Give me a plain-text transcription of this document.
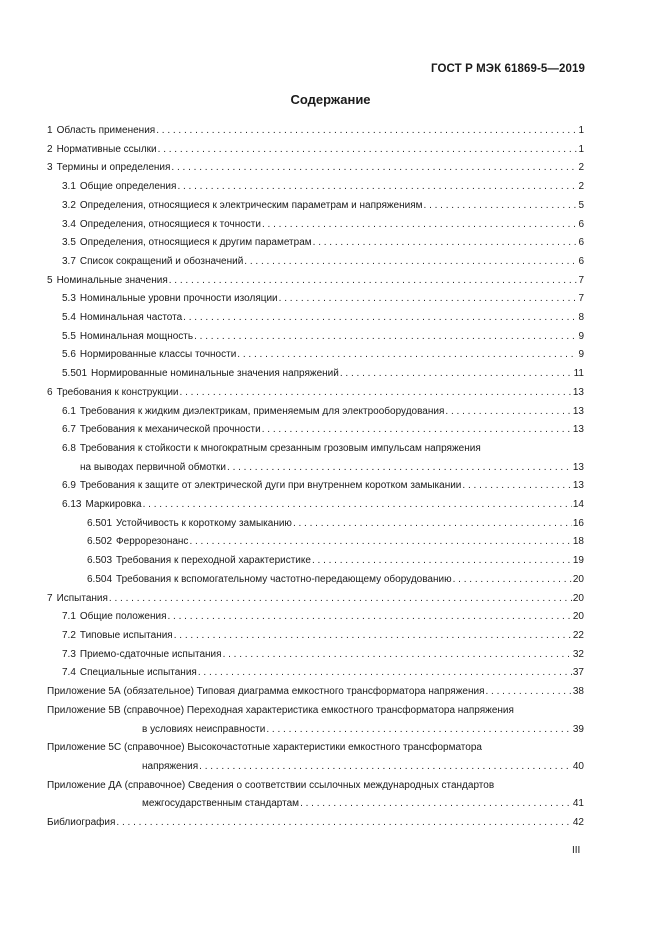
ГОСТ Р МЭК 61869-5—2019
Содержание
1 Область применения . . .	1
2 Нормативные ссылки . . .	1
3 Термины и определения . . .	2
3.1 Общие определения . . .	2
3.2 Определения, относящиеся к электрическим параметрам и напряжениям . . .	5
3.4 Определения, относящиеся к точности . . .	6
3.5 Определения, относящиеся к другим параметрам . . .	6
3.7 Список сокращений и обозначений . . .	6
5 Номинальные значения . . .	7
5.3 Номинальные уровни прочности изоляции . . .	7
5.4 Номинальная частота . . .	8
5.5 Номинальная мощность . . .	9
5.6 Нормированные классы точности . . .	9
5.501 Нормированные номинальные значения напряжений . . .	11
6 Требования к конструкции . . .	13
6.1 Требования к жидким диэлектрикам, применяемым для электрооборудования . . .	13
6.7 Требования к механической прочности . . .	13
6.8 Требования к стойкости к многократным срезанным грозовым импульсам напряжения
на выводах первичной обмотки . . .	13
6.9 Требования к защите от электрической дуги при внутреннем коротком замыкании . . .	13
6.13 Маркировка . . .	14
6.501 Устойчивость к короткому замыканию . . .	16
6.502 Феррорезонанс . . .	18
6.503 Требования к переходной характеристике . . .	19
6.504 Требования к вспомогательному частотно-передающему оборудованию . . .	20
7 Испытания . . .	20
7.1 Общие положения . . .	20
7.2 Типовые испытания . . .	22
7.3 Приемо-сдаточные испытания . . .	32
7.4 Специальные испытания . . .	37
Приложение 5А (обязательное) Типовая диаграмма емкостного трансформатора напряжения . . .	38
Приложение 5В (справочное) Переходная характеристика емкостного трансформатора напряжения
в условиях неисправности . . .	39
Приложение 5С (справочное) Высокочастотные характеристики емкостного трансформатора
напряжения . . .	40
Приложение ДА (справочное) Сведения о соответствии ссылочных международных стандартов
межгосударственным стандартам . . .	41
Библиография . . .	42
III
